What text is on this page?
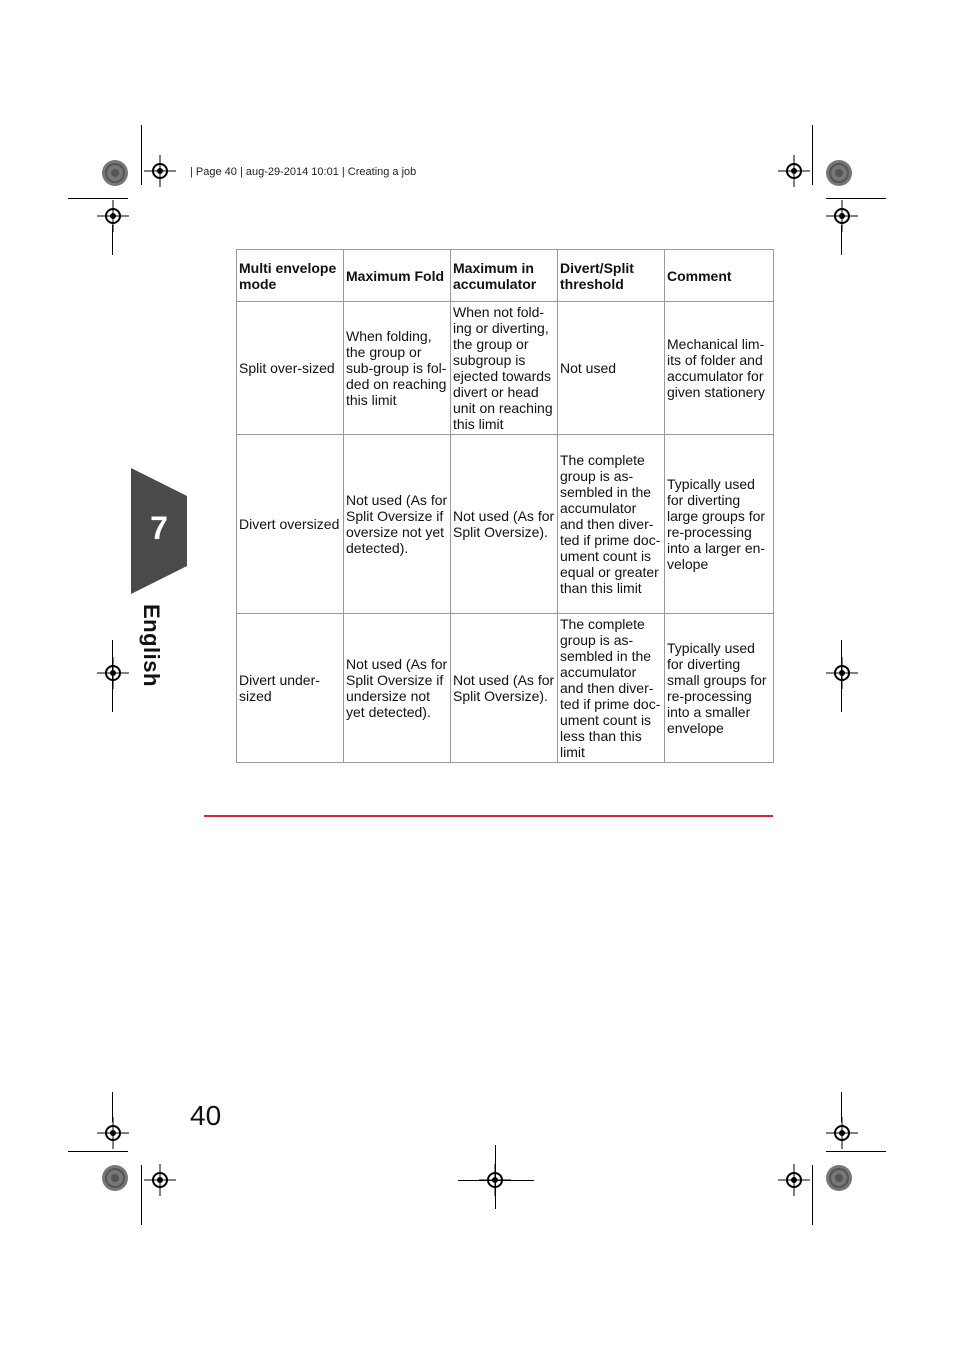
| Page 40 | aug-29-2014 10:01 | Creating a job
7
English
Multi envelope mode	Maximum Fold	Maximum in accumulator	Divert/Split threshold	Comment
Split over-sized	When folding, the group or sub-group is fol-ded on reaching this limit	When not fold-ing or diverting, the group or subgroup is ejected towards divert or head unit on reaching this limit	Not used	Mechanical lim-its of folder and accumulator for given stationery
Divert oversized	Not used (As for Split Oversize if oversize not yet detected).	Not used (As for Split Oversize).	The complete group is as-sembled in the accumulator and then diver-ted if prime doc-ument count is equal or greater than this limit	Typically used for diverting large groups for re-processing into a larger en-velope
Divert under-sized	Not used (As for Split Oversize if undersize not yet detected).	Not used (As for Split Oversize).	The complete group is as-sembled in the accumulator and then diver-ted if prime doc-ument count is less than this limit	Typically used for diverting small groups for re-processing into a smaller envelope
40
